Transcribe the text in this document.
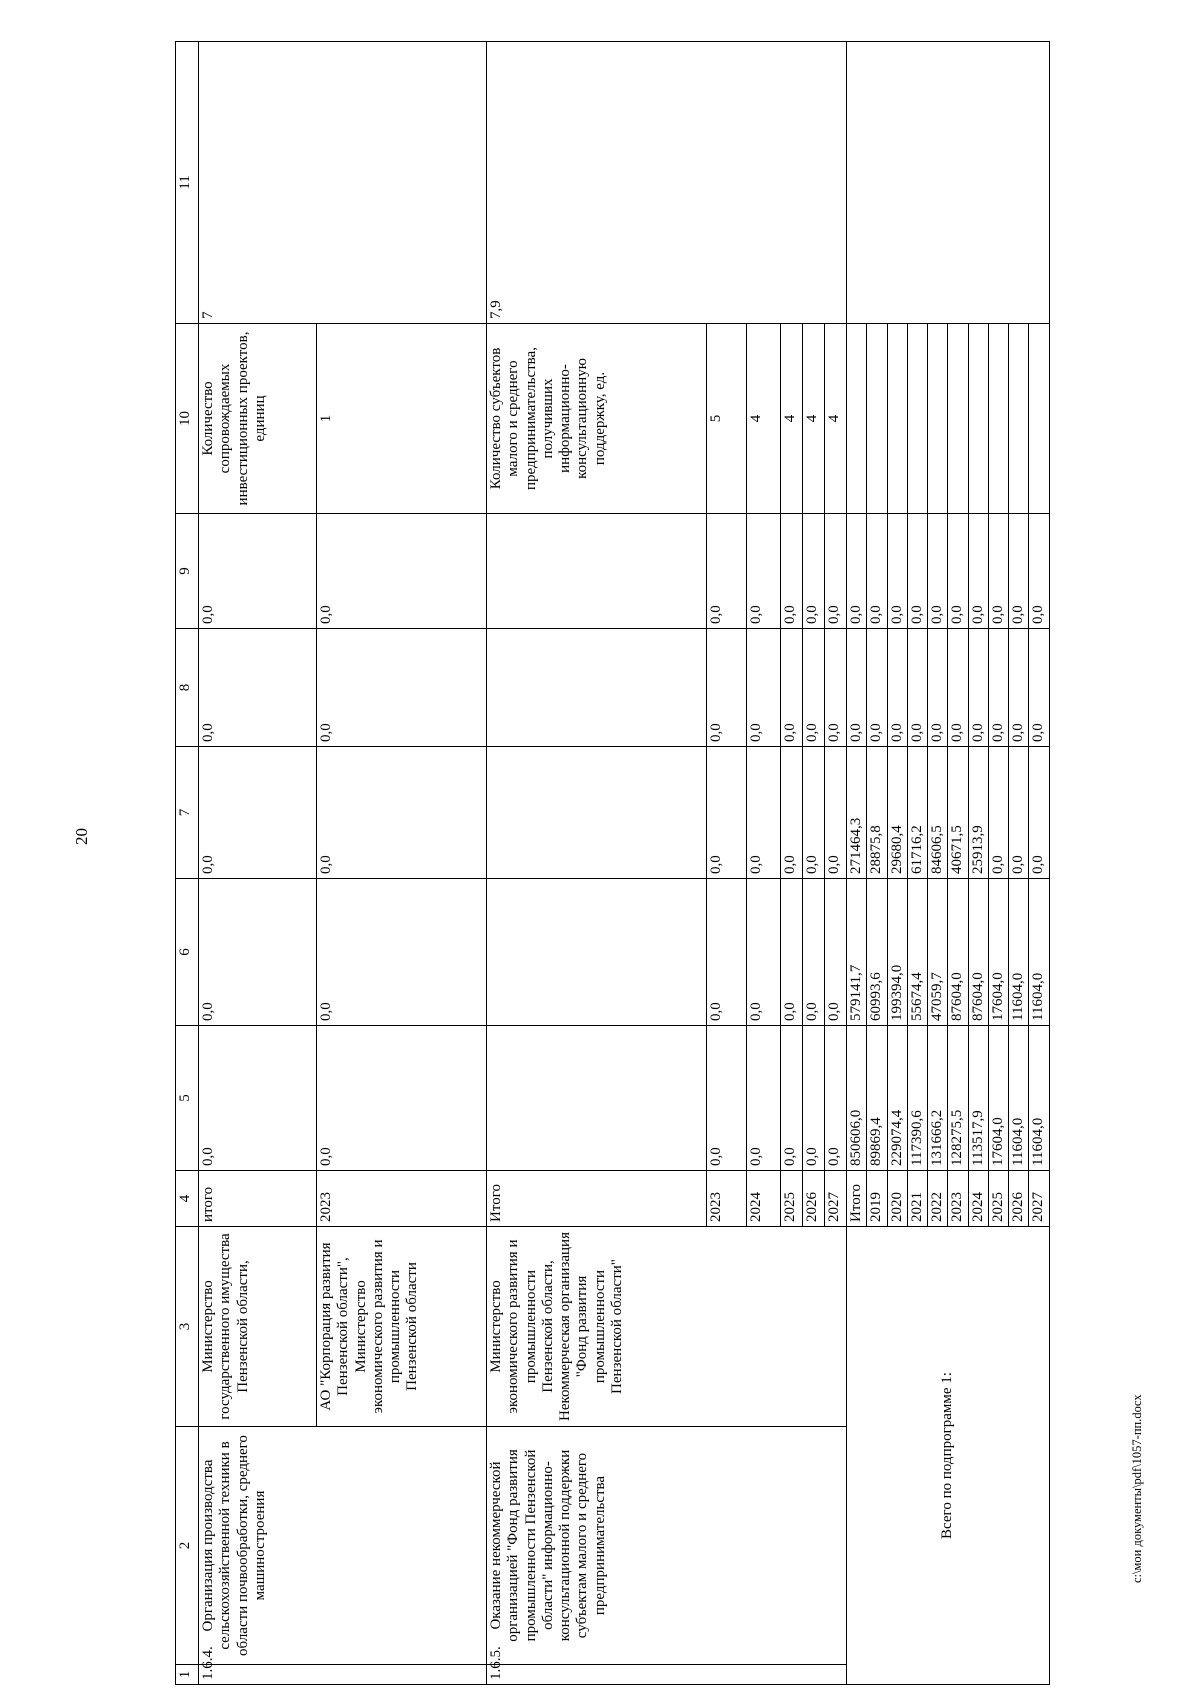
20
c:\мои документы\pdf\1057-пп.docx
1	2	3	4	5	6	7	8	9	10	11
1.6.4.	Организация производства сельскохозяйственной техники в области почвообработки, среднего машиностроения	Министерство государственного имущества Пензенской области,	итого	0,0	0,0	0,0	0,0	0,0	Количество сопровождаемых инвестиционных проектов, единиц	7
		АО "Корпорация развития Пензенской области", Министерство экономического развития и промышленности Пензенской области	2023	0,0	0,0	0,0	0,0	0,0	1	
1.6.5.	Оказание некоммерческой организацией "Фонд развития промышленности Пензенской области" информационно-консультационной поддержки субъектам малого и среднего предпринимательства	Министерство экономического развития и промышленности Пензенской области, Некоммерческая организация "Фонд развития промышленности Пензенской области"	Итого						Количество субъектов малого и среднего предпринимательства, получивших информационно-консультационную поддержку, ед.	7,9
			2023	0,0	0,0	0,0	0,0	0,0	5	
			2024	0,0	0,0	0,0	0,0	0,0	4	
			2025	0,0	0,0	0,0	0,0	0,0	4	
			2026	0,0	0,0	0,0	0,0	0,0	4	
			2027	0,0	0,0	0,0	0,0	0,0	4	
Всего по подпрограмме 1:			Итого	850606,0	579141,7	271464,3	0,0	0,0		
			2019	89869,4	60993,6	28875,8	0,0	0,0		
			2020	229074,4	199394,0	29680,4	0,0	0,0		
			2021	117390,6	55674,4	61716,2	0,0	0,0		
			2022	131666,2	47059,7	84606,5	0,0	0,0		
			2023	128275,5	87604,0	40671,5	0,0	0,0		
			2024	113517,9	87604,0	25913,9	0,0	0,0		
			2025	17604,0	17604,0	0,0	0,0	0,0		
			2026	11604,0	11604,0	0,0	0,0	0,0		
			2027	11604,0	11604,0	0,0	0,0	0,0		
